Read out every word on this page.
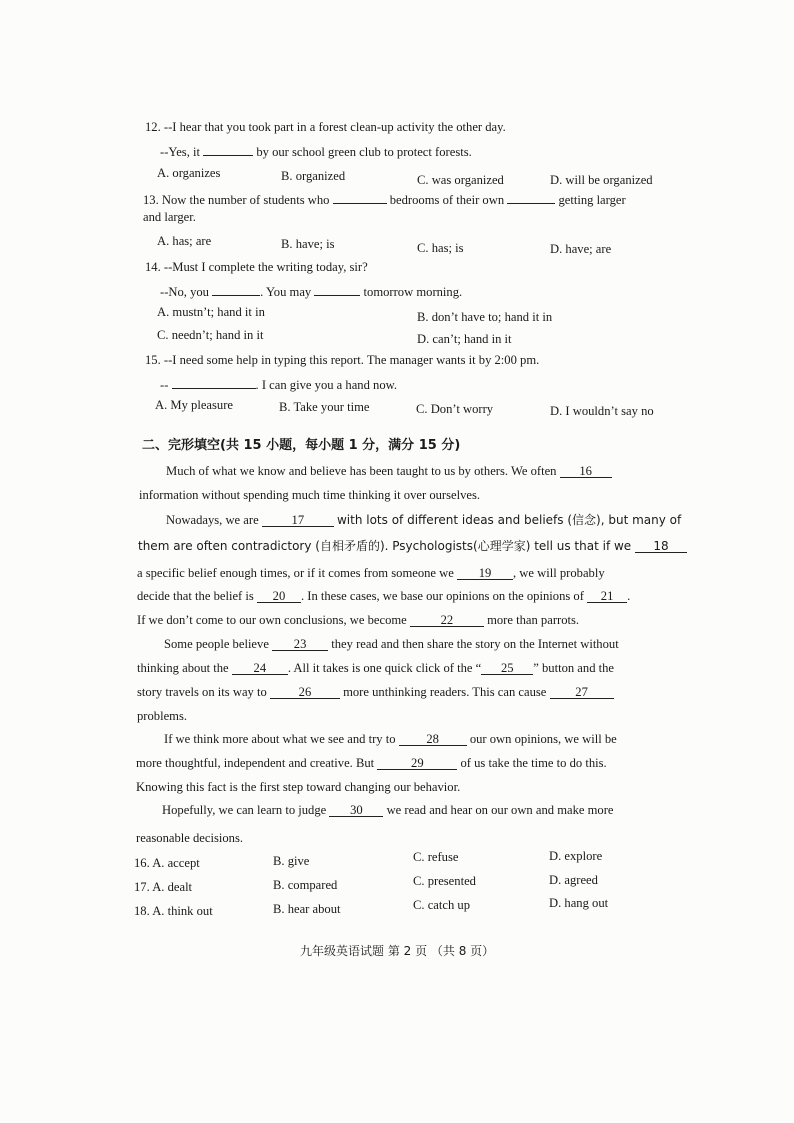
12. --I hear that you took part in a forest clean-up activity the other day.
--Yes, it	by our school green club to protect forests.
A. organizes	B. organized	C. was organized	D. will be organized
13. Now the number of students who	bedrooms of their own	getting larger
and larger.
A. has; are	B. have; is	C. has; is	D. have; are
14. --Must I complete the writing today, sir?
--No, you	. You may	tomorrow morning.
A. mustn’t; hand it in	B. don’t have to; hand it in
C. needn’t; hand in it	D. can’t; hand in it
15. --I need some help in typing this report. The manager wants it by 2:00 pm.
--	. I can give you a hand now.
A. My pleasure	B. Take your time	C. Don’t worry	D. I wouldn’t say no
二、完形填空(共 15 小题，每小题 1 分，满分 15 分)
Much of what we know and believe has been taught to us by others. We often 16
information without spending much time thinking it over ourselves.
Nowadays, we are	17	with lots of different ideas and beliefs (信念), but many of
them are often contradictory (自相矛盾的). Psychologists(心理学家) tell us that if we 18
a specific belief enough times, or if it comes from someone we 19 , we will probably
decide that the belief is 20 . In these cases, we base our opinions on the opinions of 21 .
If we don’t come to our own conclusions, we become	22	more than parrots.
Some people believe 23 they read and then share the story on the Internet without
thinking about the 24 . All it takes is one quick click of the “ 25 ” button and the
story travels on its way to	26	more unthinking readers. This can cause 27
problems.
If we think more about what we see and try to 28 our own opinions, we will be
more thoughtful, independent and creative. But	29	of us take the time to do this.
Knowing this fact is the first step toward changing our behavior.
Hopefully, we can learn to judge 30 we read and hear on our own and make more
reasonable decisions.
16. A. accept	B. give	C. refuse	D. explore
17. A. dealt	B. compared	C. presented	D. agreed
18. A. think out	B. hear about	C. catch up	D. hang out
九年级英语试题 第 2 页 （共 8 页）
